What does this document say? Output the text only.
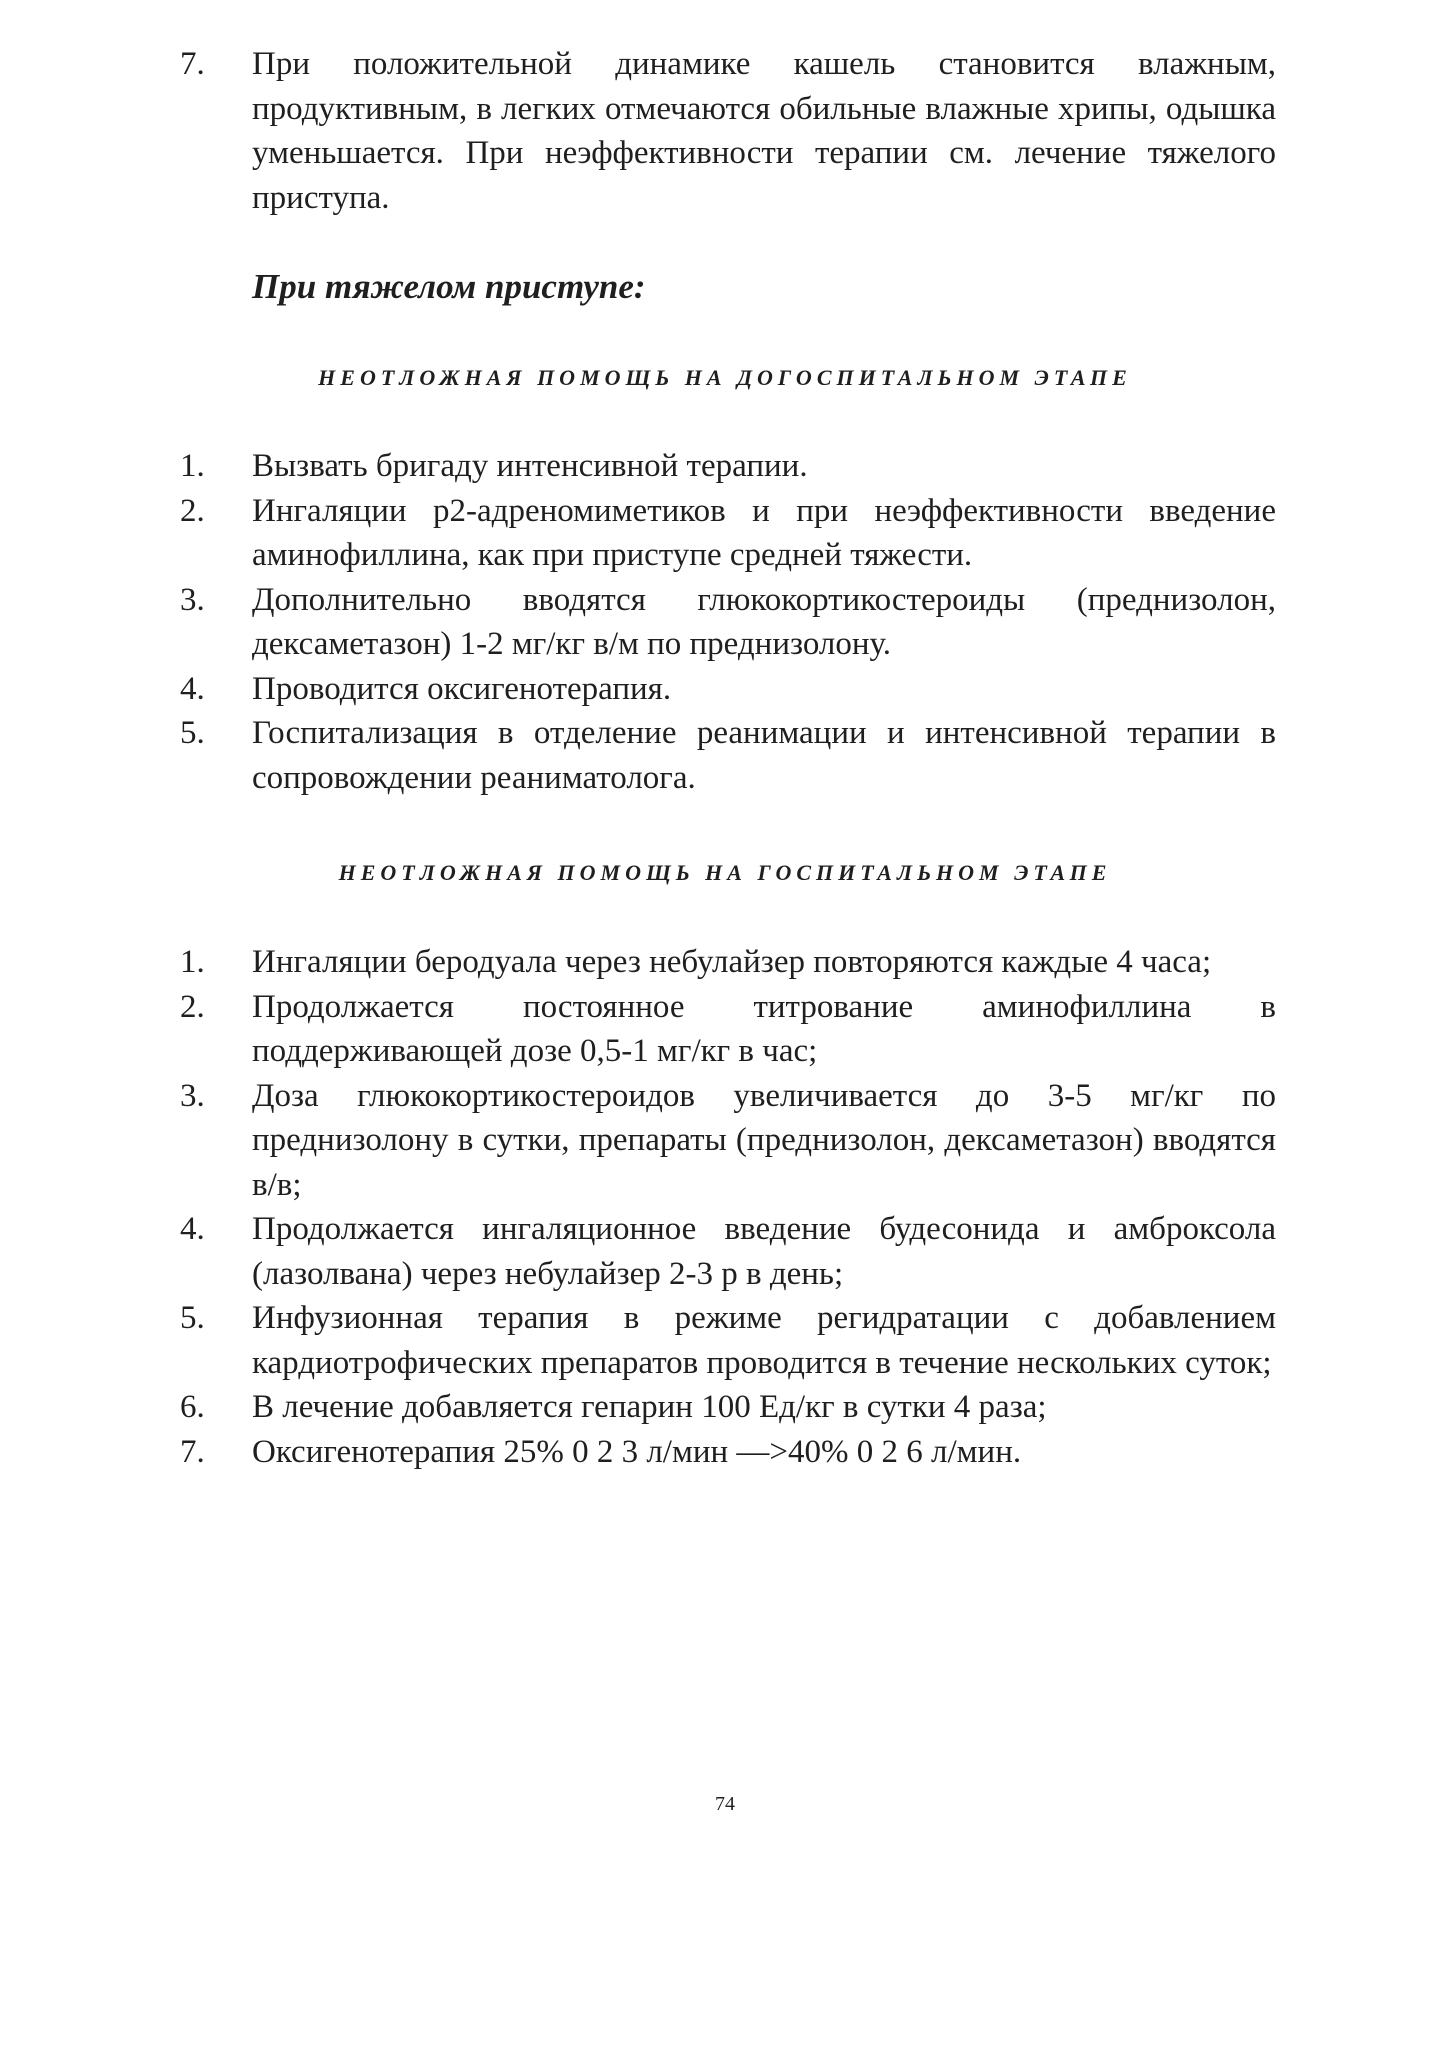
7.	При положительной динамике кашель становится влажным, продуктивным, в легких отмечаются обильные влажные хрипы, одышка уменьшается. При неэффективности терапии см. лечение тяжелого приступа.
При тяжелом приступе:
НЕОТЛОЖНАЯ ПОМОЩЬ НА ДОГОСПИТАЛЬНОМ ЭТАПЕ
1.	Вызвать бригаду интенсивной терапии.
2.	Ингаляции р2-адреномиметиков и при неэффективности введение аминофиллина, как при приступе средней тяжести.
3.	Дополнительно вводятся глюкокортикостероиды (преднизолон, дексаметазон) 1-2 мг/кг в/м по преднизолону.
4.	Проводится оксигенотерапия.
5.	Госпитализация в отделение реанимации и интенсивной терапии в сопровождении реаниматолога.
НЕОТЛОЖНАЯ ПОМОЩЬ НА ГОСПИТАЛЬНОМ ЭТАПЕ
1.	Ингаляции беродуала через небулайзер повторяются каждые 4 часа;
2.	Продолжается постоянное титрование аминофиллина в поддерживающей дозе 0,5-1 мг/кг в час;
3.	Доза глюкокортикостероидов увеличивается до 3-5 мг/кг по преднизолону в сутки, препараты (преднизолон, дексаметазон) вводятся в/в;
4.	Продолжается ингаляционное введение будесонида и амброксола (лазолвана) через небулайзер 2-3 р в день;
5.	Инфузионная терапия в режиме регидратации с добавлением кардиотрофических препаратов проводится в течение нескольких суток;
6.	В лечение добавляется гепарин 100 Ед/кг в сутки 4 раза;
7.	Оксигенотерапия 25% 0 2 3 л/мин —>40% 0 2 6 л/мин.
74
